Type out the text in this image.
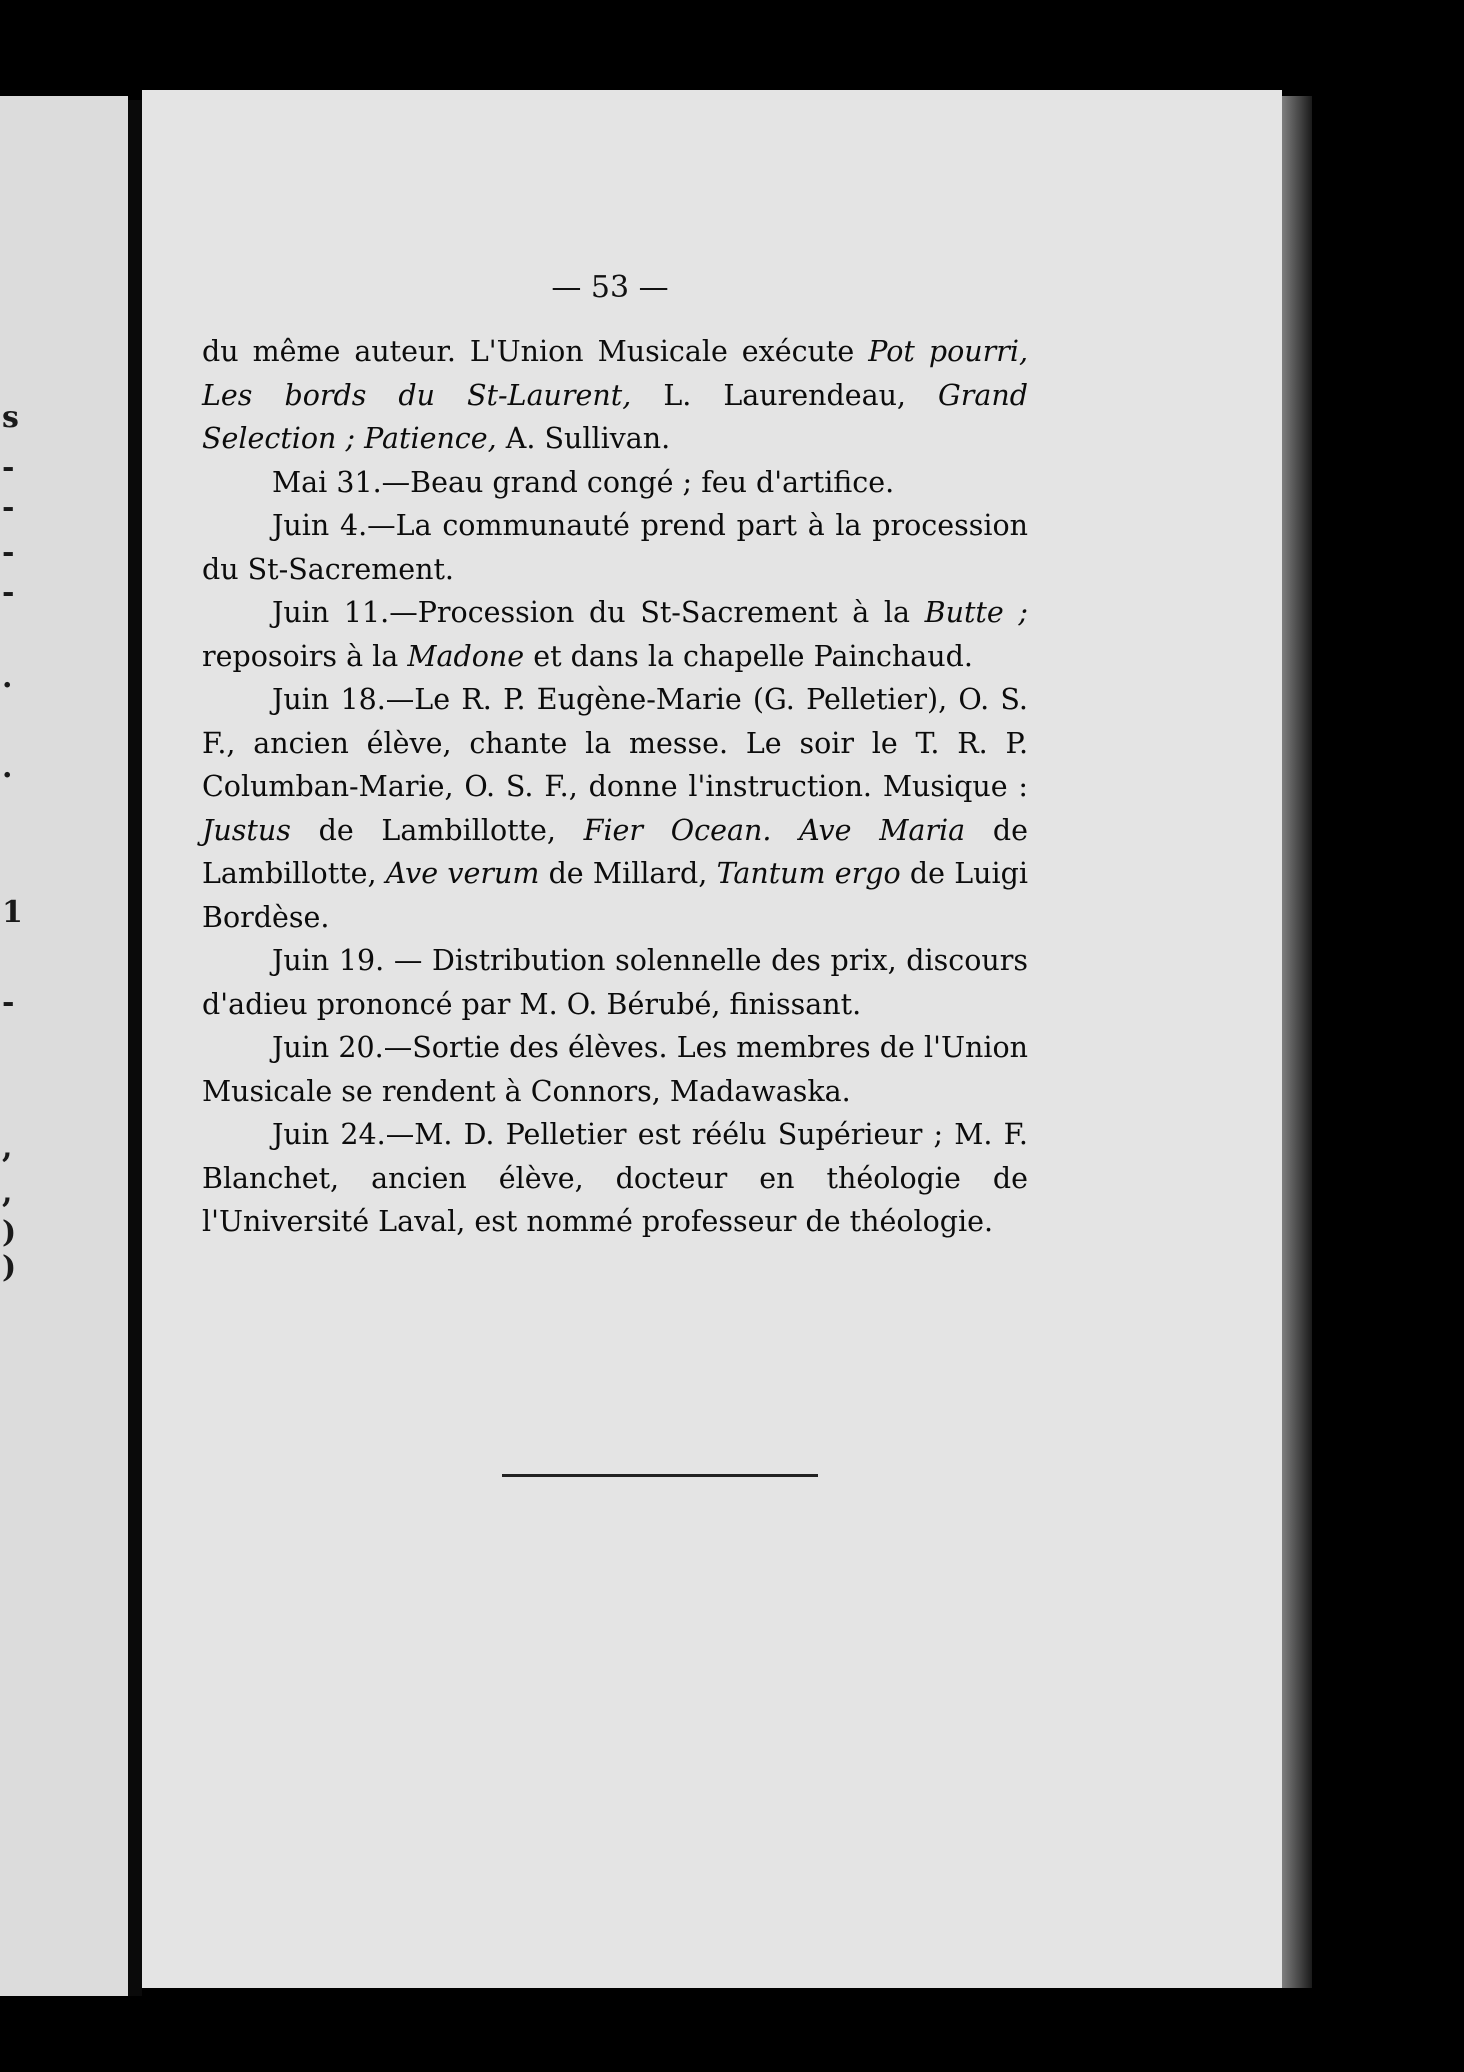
s
-
-
-
-
.
.
1
-
,
,
)
)
— 53 —

du même auteur. L'Union Musicale exécute Pot pourri, Les bords du St-Laurent, L. Laurendeau, Grand Selection ; Patience, A. Sullivan.

Mai 31.—Beau grand congé ; feu d'artifice.

Juin 4.—La communauté prend part à la procession du St-Sacrement.

Juin 11.—Procession du St-Sacrement à la Butte ; reposoirs à la Madone et dans la chapelle Painchaud.

Juin 18.—Le R. P. Eugène-Marie (G. Pelletier), O. S. F., ancien élève, chante la messe. Le soir le T. R. P. Columban-Marie, O. S. F., donne l'instruction. Musique : Justus de Lambillotte, Fier Ocean. Ave Maria de Lambillotte, Ave verum de Millard, Tantum ergo de Luigi Bordèse.

Juin 19. — Distribution solennelle des prix, discours d'adieu prononcé par M. O. Bérubé, finissant.

Juin 20.—Sortie des élèves. Les membres de l'Union Musicale se rendent à Connors, Madawaska.

Juin 24.—M. D. Pelletier est réélu Supérieur ; M. F. Blanchet, ancien élève, docteur en théologie de l'Université Laval, est nommé professeur de théologie.
